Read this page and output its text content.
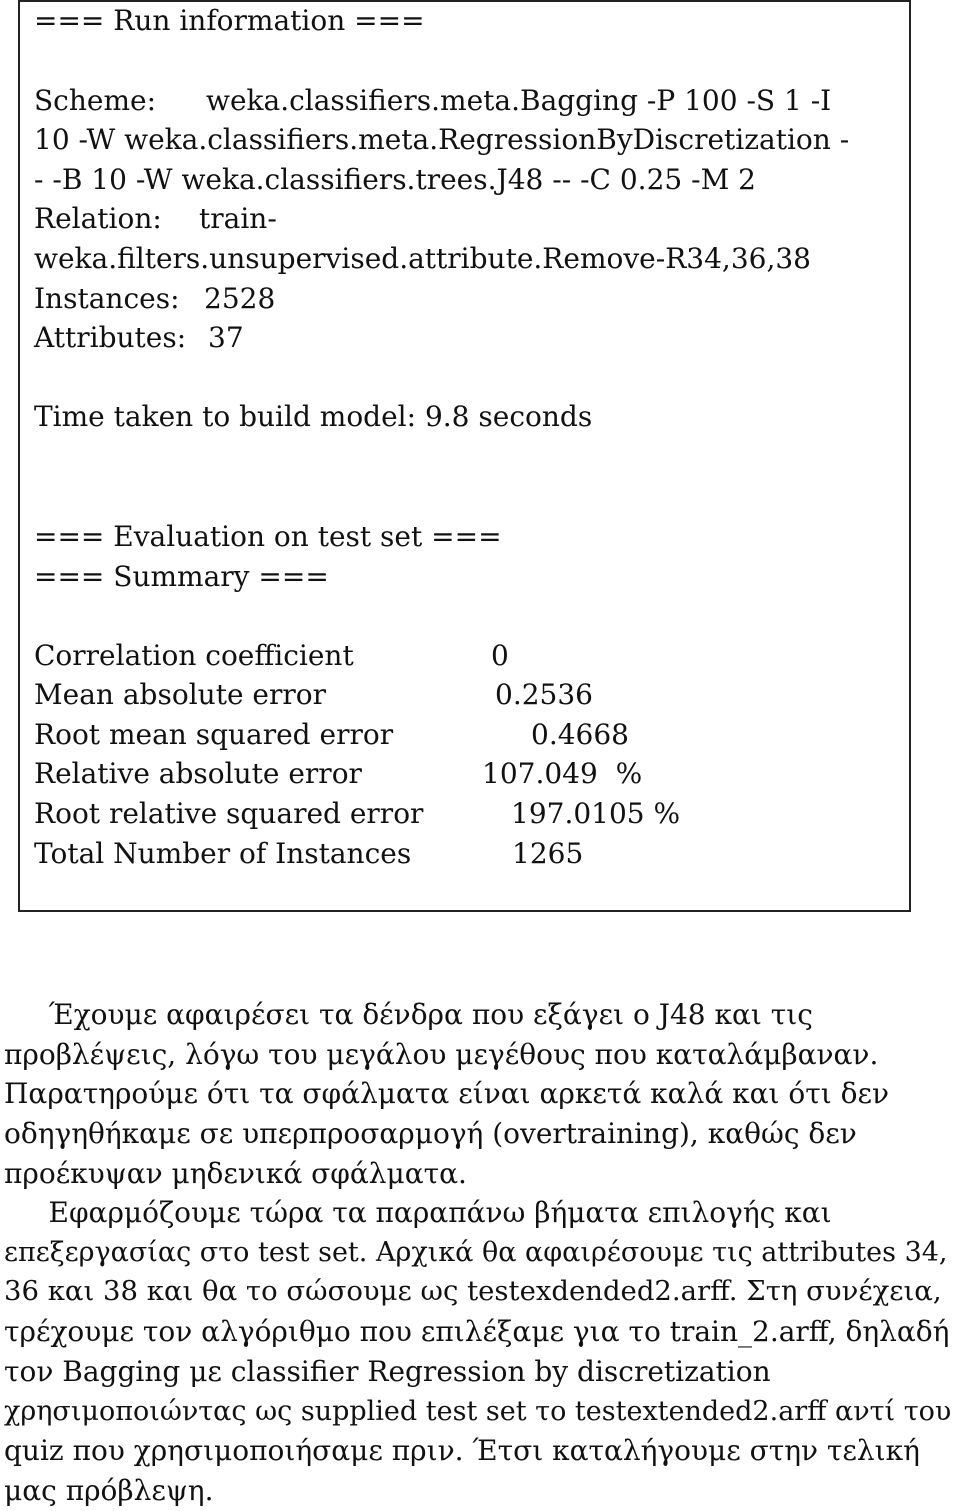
=== Run information ===
Scheme: weka.classifiers.meta.Bagging -P 100 -S 1 -I
10 -W weka.classifiers.meta.RegressionByDiscretization -
- -B 10 -W weka.classifiers.trees.J48 -- -C 0.25 -M 2
Relation: train-
weka.filters.unsupervised.attribute.Remove-R34,36,38
Instances: 2528
Attributes: 37
Time taken to build model: 9.8 seconds
=== Evaluation on test set ===
=== Summary ===
Correlation coefficient	0
Mean absolute error	0.2536
Root mean squared error	0.4668
Relative absolute error	107.049  %
Root relative squared error	197.0105 %
Total Number of Instances	1265
Έχουμε αφαιρέσει τα δένδρα που εξάγει ο J48 και τις
προβλέψεις, λόγω του μεγάλου μεγέθους που καταλάμβαναν.
Παρατηρούμε ότι τα σφάλματα είναι αρκετά καλά και ότι δεν
οδηγηθήκαμε σε υπερπροσαρμογή (overtraining), καθώς δεν
προέκυψαν μηδενικά σφάλματα.
Εφαρμόζουμε τώρα τα παραπάνω βήματα επιλογής και
επεξεργασίας στο test set. Αρχικά θα αφαιρέσουμε τις attributes 34,
36 και 38 και θα το σώσουμε ως testexdended2.arff. Στη συνέχεια,
τρέχουμε τον αλγόριθμο που επιλέξαμε για το train_2.arff, δηλαδή
τον Bagging με classifier Regression by discretization
χρησιμοποιώντας ως supplied test set το testextended2.arff αντί του
quiz που χρησιμοποιήσαμε πριν. Έτσι καταλήγουμε στην τελική
μας πρόβλεψη.
